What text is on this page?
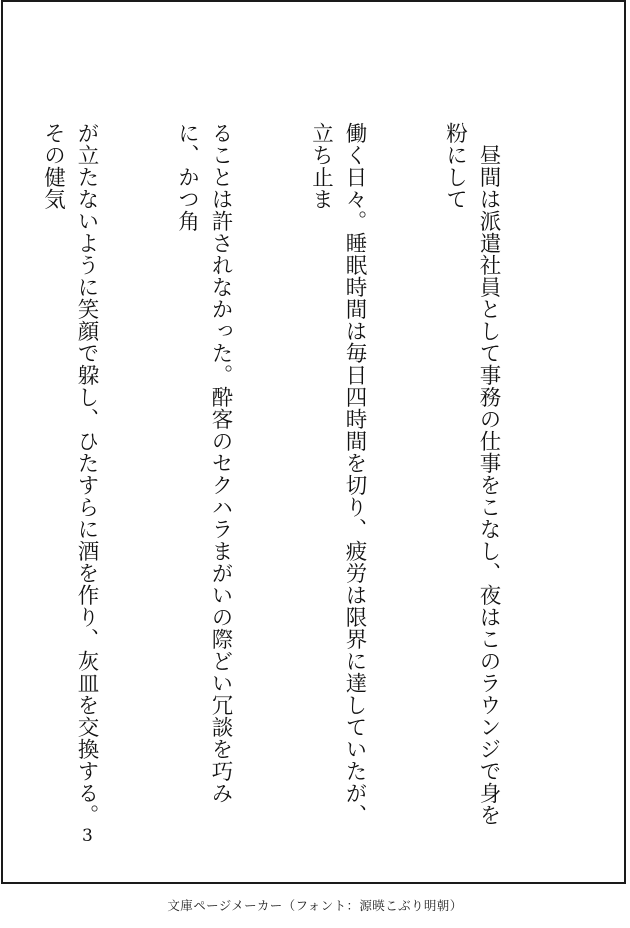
　昼間は派遣社員として事務の仕事をこなし、夜はこのラウンジで身を粉にして

働く日々。睡眠時間は毎日四時間を切り、疲労は限界に達していたが、立ち止ま

ることは許されなかった。酔客のセクハラまがいの際どい冗談を巧みに、かつ角

が立たないように笑顔で躱し、ひたすらに酒を作り、灰皿を交換する。その健気

3
文庫ページメーカー（フォント：源暎こぶり明朝）
